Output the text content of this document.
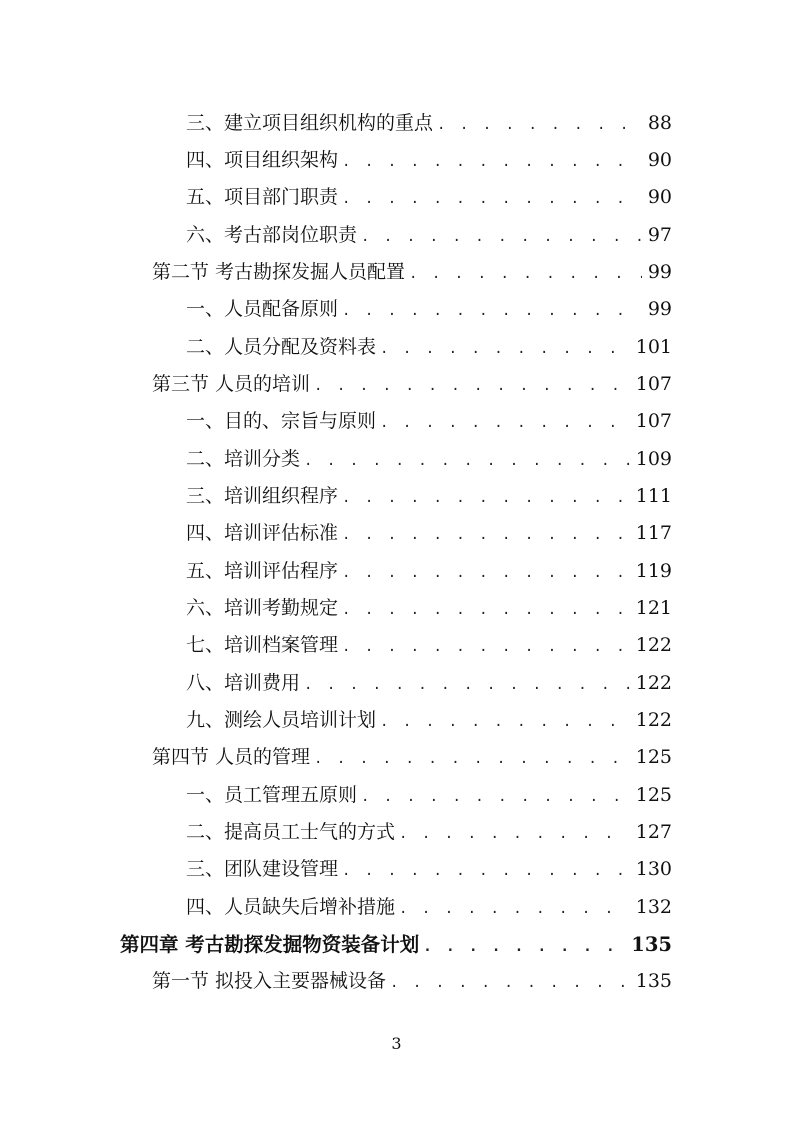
三、建立项目组织机构的重点 . . .	88
四、项目组织架构 . . .	90
五、项目部门职责 . . .	90
六、考古部岗位职责 . . .	97
第二节 考古勘探发掘人员配置 . . .	99
一、人员配备原则 . . .	99
二、人员分配及资料表 . . .	101
第三节 人员的培训 . . .	107
一、目的、宗旨与原则 . . .	107
二、培训分类 . . .	109
三、培训组织程序 . . .	111
四、培训评估标准 . . .	117
五、培训评估程序 . . .	119
六、培训考勤规定 . . .	121
七、培训档案管理 . . .	122
八、培训费用 . . .	122
九、测绘人员培训计划 . . .	122
第四节 人员的管理 . . .	125
一、员工管理五原则 . . .	125
二、提高员工士气的方式 . . .	127
三、团队建设管理 . . .	130
四、人员缺失后增补措施 . . .	132
第四章 考古勘探发掘物资装备计划 . . .	135
第一节 拟投入主要器械设备 . . .	135
3
